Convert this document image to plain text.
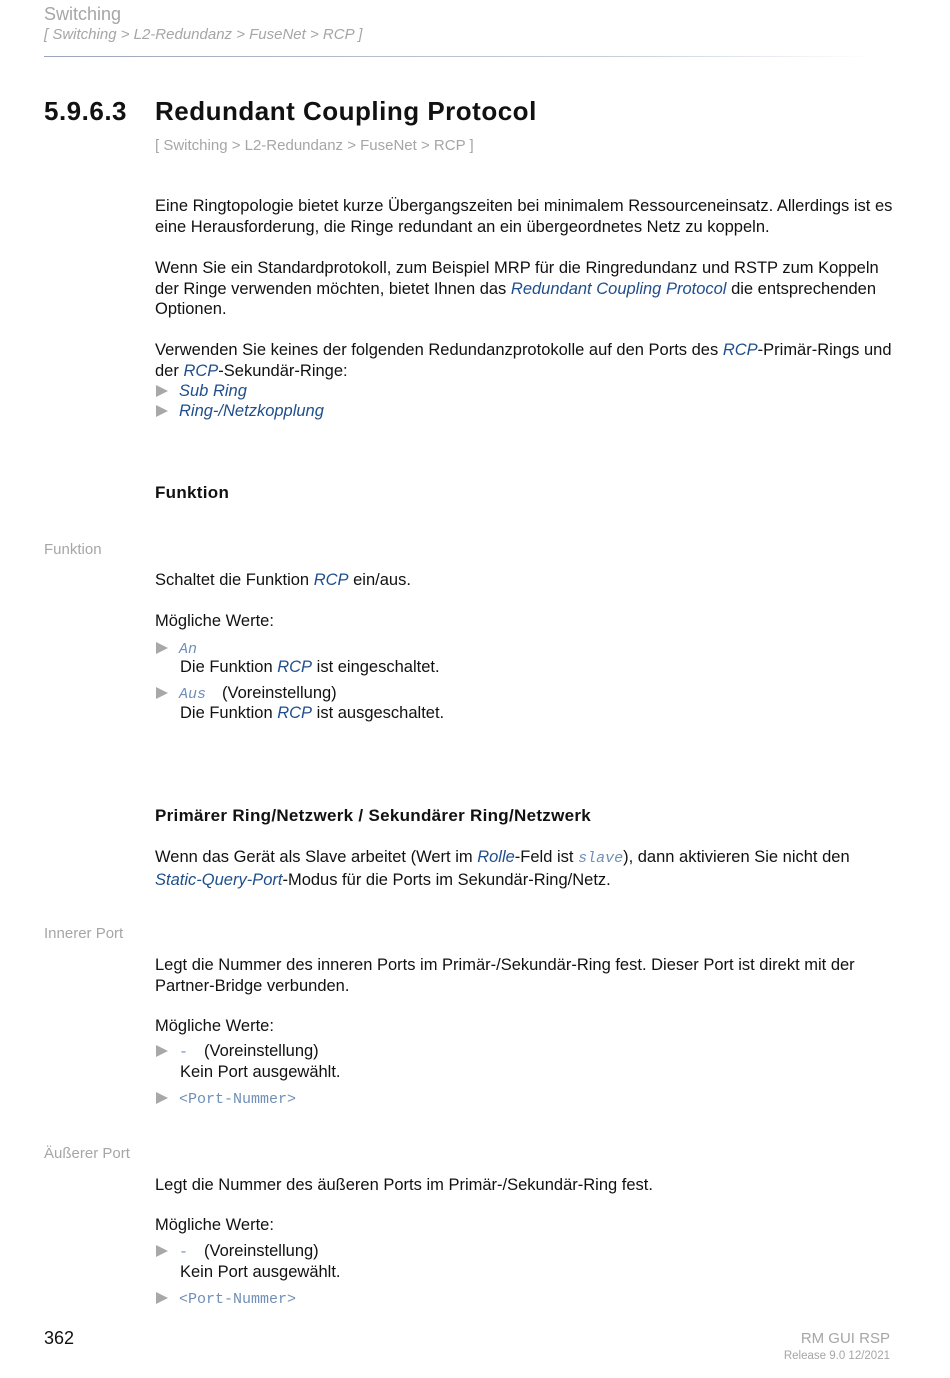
Switching
[ Switching > L2-Redundanz > FuseNet > RCP ]
5.9.6.3 Redundant Coupling Protocol
[ Switching > L2-Redundanz > FuseNet > RCP ]
Eine Ringtopologie bietet kurze Übergangszeiten bei minimalem Ressourceneinsatz. Allerdings ist es eine Herausforderung, die Ringe redundant an ein übergeordnetes Netz zu koppeln.
Wenn Sie ein Standardprotokoll, zum Beispiel MRP für die Ringredundanz und RSTP zum Koppeln der Ringe verwenden möchten, bietet Ihnen das Redundant Coupling Protocol die entsprechenden Optionen.
Verwenden Sie keines der folgenden Redundanzprotokolle auf den Ports des RCP-Primär-Rings und der RCP-Sekundär-Ringe:
Sub Ring
Ring-/Netzkopplung
Funktion
Funktion
Schaltet die Funktion RCP ein/aus.
Mögliche Werte:
An
Die Funktion RCP ist eingeschaltet.
Aus (Voreinstellung)
Die Funktion RCP ist ausgeschaltet.
Primärer Ring/Netzwerk / Sekundärer Ring/Netzwerk
Wenn das Gerät als Slave arbeitet (Wert im Rolle-Feld ist slave), dann aktivieren Sie nicht den
Static-Query-Port-Modus für die Ports im Sekundär-Ring/Netz.
Innerer Port
Legt die Nummer des inneren Ports im Primär-/Sekundär-Ring fest. Dieser Port ist direkt mit der Partner-Bridge verbunden.
Mögliche Werte:
- (Voreinstellung)
Kein Port ausgewählt.
<Port-Nummer>
Äußerer Port
Legt die Nummer des äußeren Ports im Primär-/Sekundär-Ring fest.
Mögliche Werte:
- (Voreinstellung)
Kein Port ausgewählt.
<Port-Nummer>
362	RM GUI RSP
Release 9.0 12/2021
